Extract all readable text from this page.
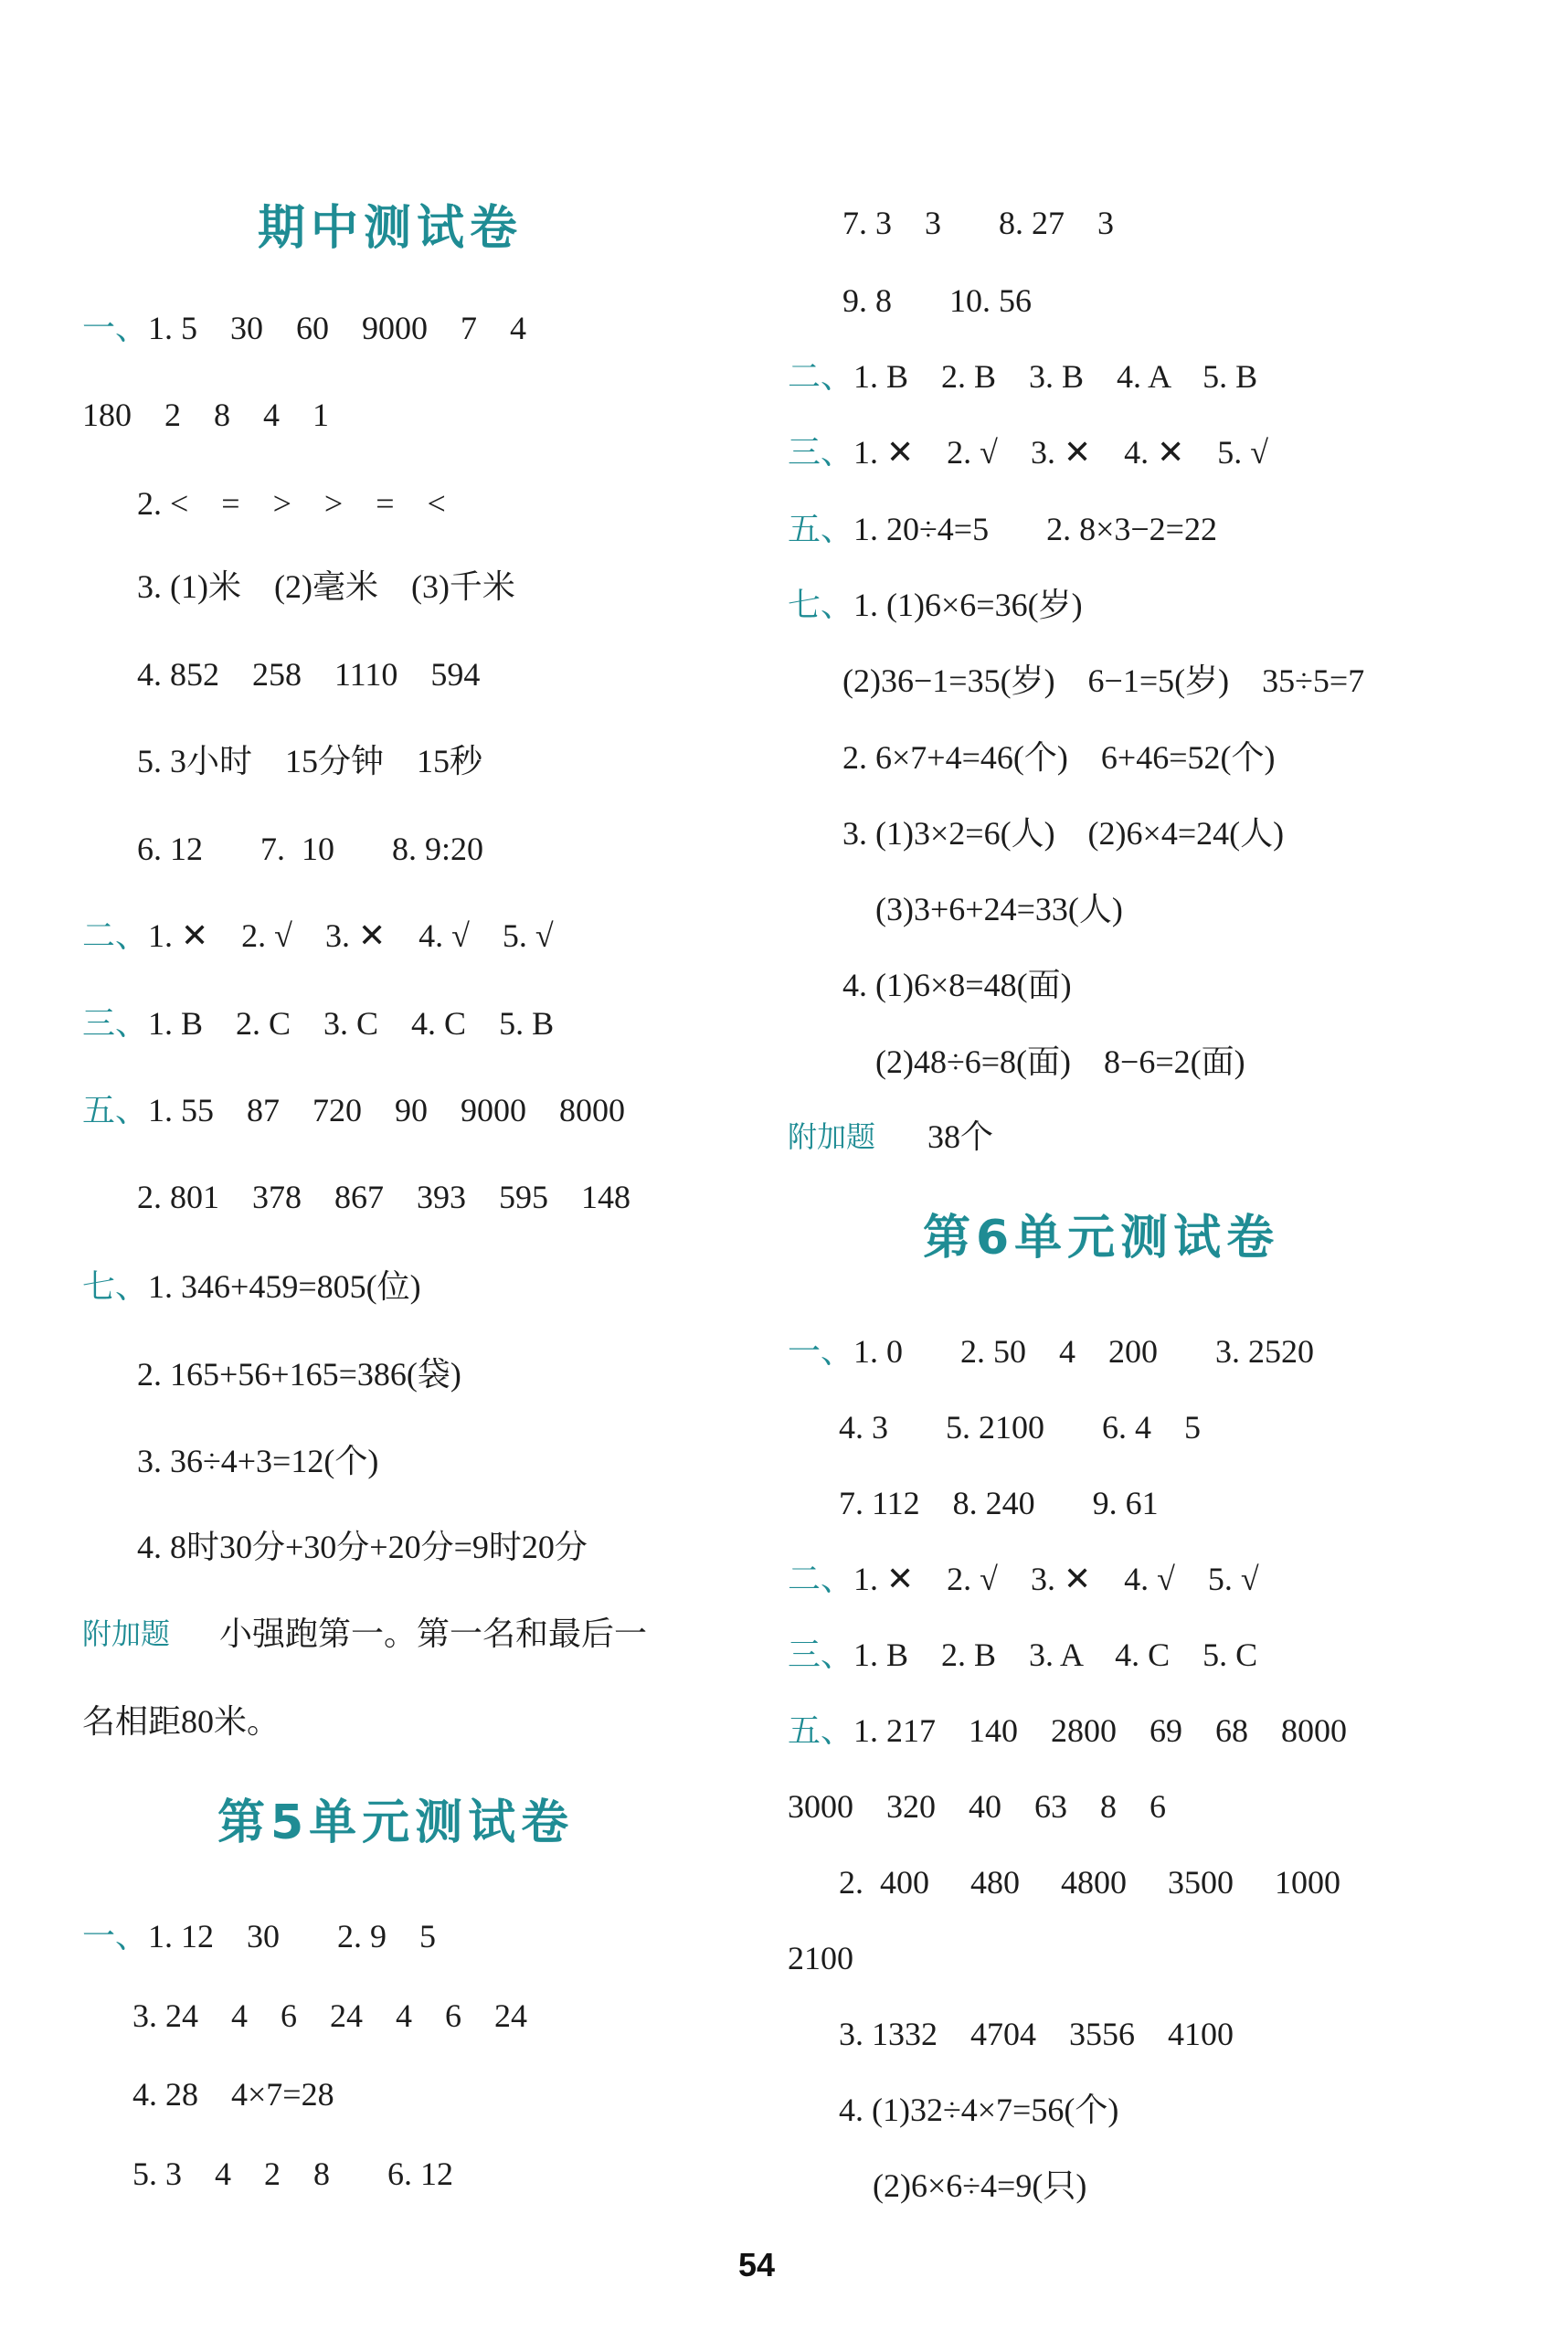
期中测试卷
一、1. 5    30    60    9000    7    4
180    2    8    4    1
2. <    =    >    >    =    <
3. (1)米    (2)毫米    (3)千米
4. 852    258    1110    594
5. 3小时    15分钟    15秒
6. 12       7.  10       8. 9:20
二、1. ✕    2. √    3. ✕    4. √    5. √
三、1. B    2. C    3. C    4. C    5. B
五、1. 55    87    720    90    9000    8000
2. 801    378    867    393    595    148
七、1. 346+459=805(位)
2. 165+56+165=386(袋)
3. 36÷4+3=12(个)
4. 8时30分+30分+20分=9时20分
附加题 小强跑第一。第一名和最后一
名相距80米。
第5单元测试卷
一、1. 12    30       2. 9    5
3. 24    4    6    24    4    6    24
4. 28    4×7=28
5. 3    4    2    8       6. 12
7. 3    3       8. 27    3
9. 8       10. 56
二、1. B    2. B    3. B    4. A    5. B
三、1. ✕    2. √    3. ✕    4. ✕    5. √
五、1. 20÷4=5       2. 8×3−2=22
七、1. (1)6×6=36(岁)
(2)36−1=35(岁)    6−1=5(岁)    35÷5=7
2. 6×7+4=46(个)    6+46=52(个)
3. (1)3×2=6(人)    (2)6×4=24(人)
(3)3+6+24=33(人)
4. (1)6×8=48(面)
(2)48÷6=8(面)    8−6=2(面)
附加题 38个
第6单元测试卷
一、1. 0       2. 50    4    200       3. 2520
4. 3       5. 2100       6. 4    5
7. 112    8. 240       9. 61
二、1. ✕    2. √    3. ✕    4. √    5. √
三、1. B    2. B    3. A    4. C    5. C
五、1. 217    140    2800    69    68    8000
3000    320    40    63    8    6
2.  400     480     4800     3500     1000
2100
3. 1332    4704    3556    4100
4. (1)32÷4×7=56(个)
(2)6×6÷4=9(只)
54
